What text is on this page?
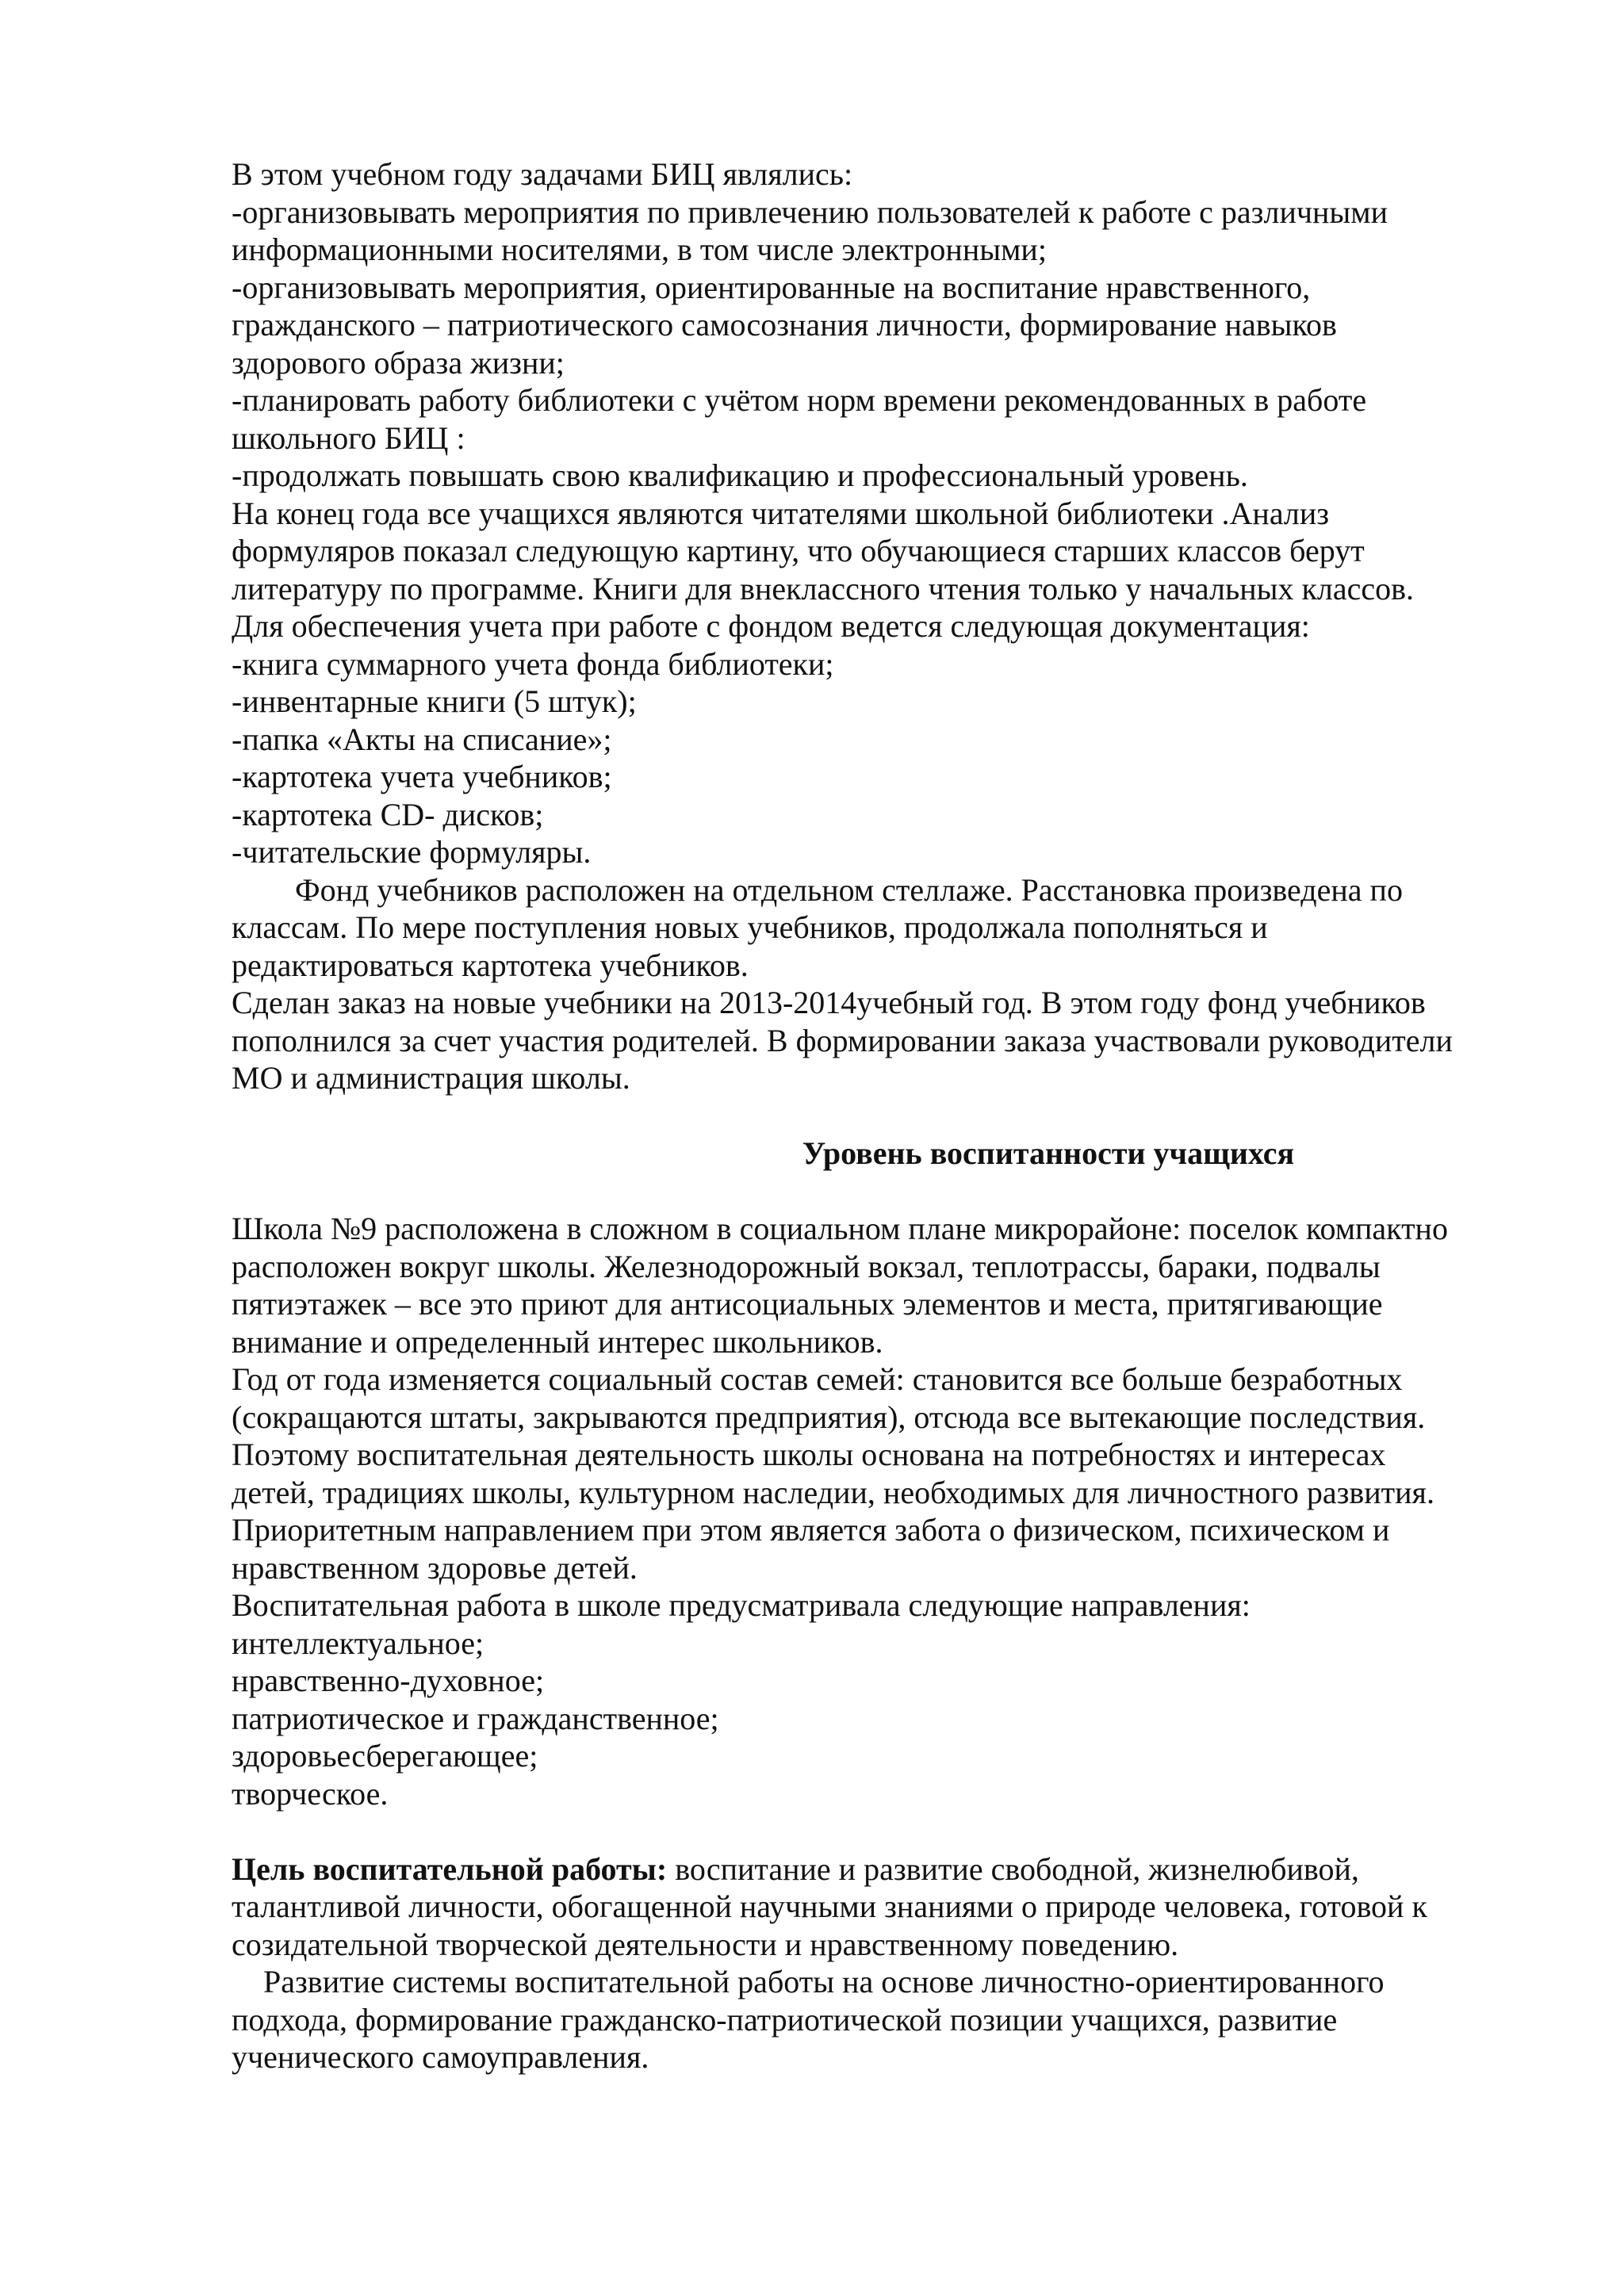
В этом учебном году задачами БИЦ являлись:
-организовывать мероприятия по привлечению пользователей к работе с различными
информационными носителями, в том числе электронными;
-организовывать мероприятия, ориентированные на воспитание нравственного,
гражданского – патриотического самосознания личности, формирование навыков
здорового образа жизни;
-планировать работу библиотеки с учётом норм времени рекомендованных в работе
школьного БИЦ :
-продолжать повышать свою квалификацию и профессиональный уровень.
На конец года все учащихся являются читателями школьной библиотеки .Анализ
формуляров показал следующую картину, что обучающиеся старших классов берут
литературу по программе. Книги для внеклассного чтения только у начальных классов.
Для обеспечения учета при работе с фондом ведется следующая документация:
-книга суммарного учета фонда библиотеки;
-инвентарные книги (5 штук);
-папка «Акты на списание»;
-картотека учета учебников;
-картотека CD- дисков;
-читательские формуляры.
Фонд учебников расположен на отдельном стеллаже. Расстановка произведена по
классам. По мере поступления новых учебников, продолжала пополняться и
редактироваться картотека учебников.
Сделан заказ на новые учебники на 2013-2014учебный год. В этом году фонд учебников
пополнился за счет участия родителей. В формировании заказа участвовали руководители
МО и администрация школы.
Уровень воспитанности учащихся
Школа №9 расположена в сложном в социальном плане микрорайоне: поселок компактно
расположен вокруг школы. Железнодорожный вокзал, теплотрассы, бараки, подвалы
пятиэтажек – все это приют для антисоциальных элементов и места, притягивающие
внимание и определенный интерес школьников.
Год от года изменяется социальный состав семей: становится все больше безработных
(сокращаются штаты, закрываются предприятия), отсюда все вытекающие последствия.
Поэтому воспитательная деятельность школы основана на потребностях и интересах
детей, традициях школы, культурном наследии, необходимых для личностного развития.
Приоритетным направлением при этом является забота о физическом, психическом и
нравственном здоровье детей.
Воспитательная работа в школе предусматривала следующие направления:
интеллектуальное;
нравственно-духовное;
патриотическое и гражданственное;
здоровьесберегающее;
творческое.
Цель воспитательной работы: воспитание и развитие свободной, жизнелюбивой,
талантливой личности, обогащенной научными знаниями о природе человека, готовой к
созидательной творческой деятельности и нравственному поведению.
Развитие системы воспитательной работы на основе личностно-ориентированного
подхода, формирование гражданско-патриотической позиции учащихся, развитие
ученического самоуправления.
